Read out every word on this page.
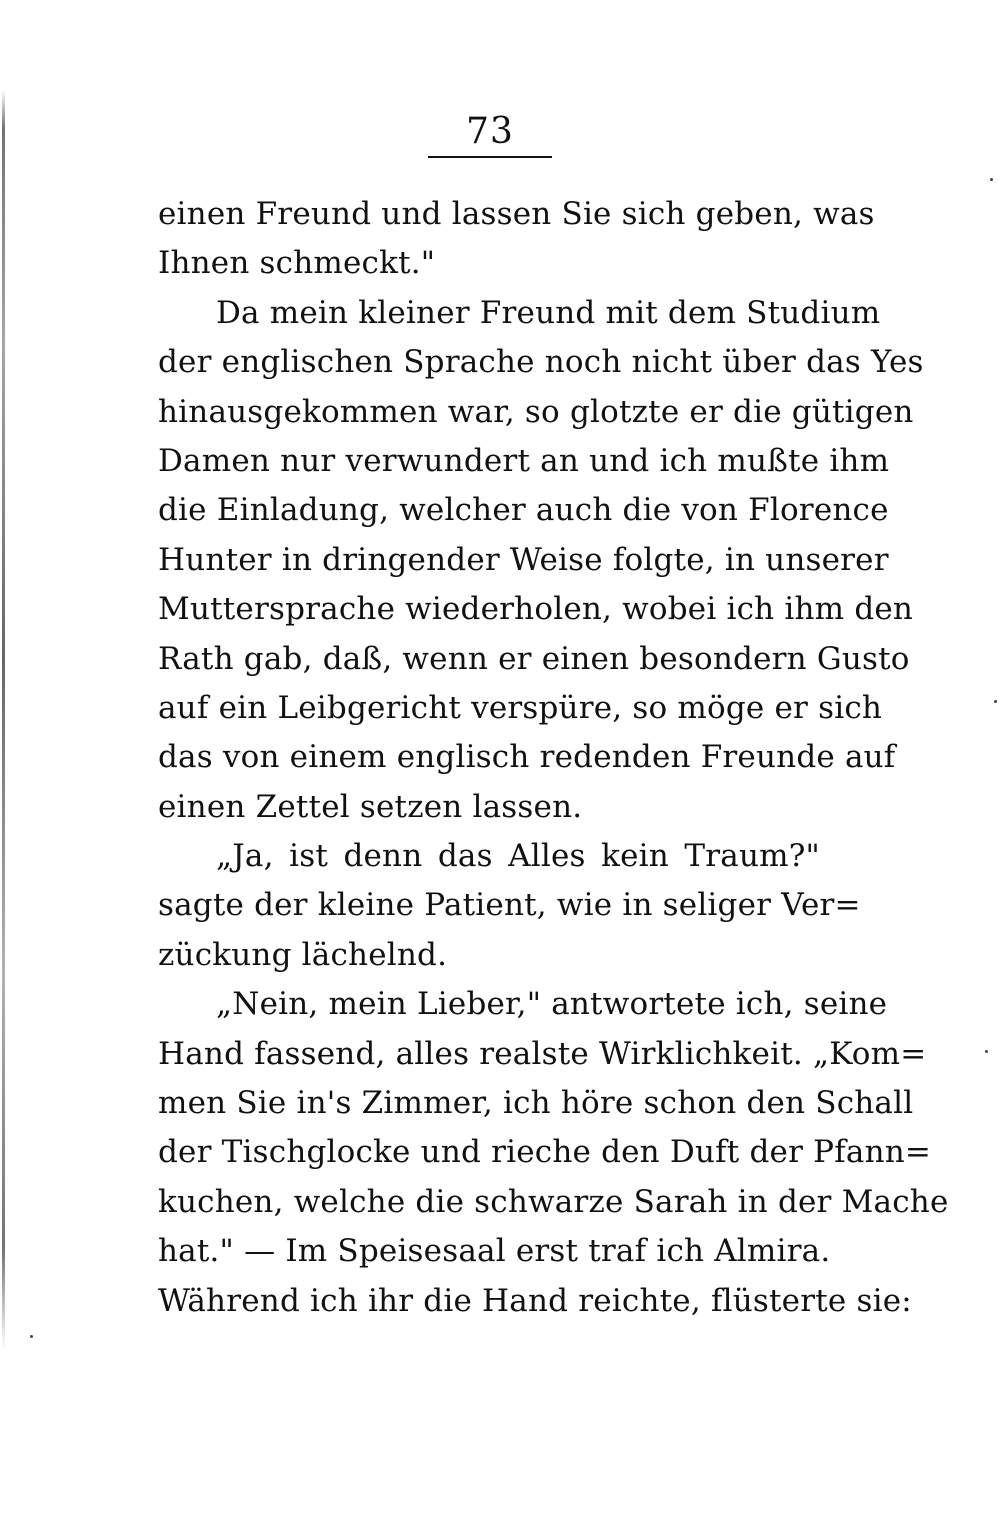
73
einen Freund und lassen Sie sich geben, was
Ihnen schmeckt."
Da mein kleiner Freund mit dem Studium
der englischen Sprache noch nicht über das Yes
hinausgekommen war, so glotzte er die gütigen
Damen nur verwundert an und ich mußte ihm
die Einladung, welcher auch die von Florence
Hunter in dringender Weise folgte, in unserer
Muttersprache wiederholen, wobei ich ihm den
Rath gab, daß, wenn er einen besondern Gusto
auf ein Leibgericht verspüre, so möge er sich
das von einem englisch redenden Freunde auf
einen Zettel setzen lassen.
„Ja, ist denn das Alles kein Traum?"
sagte der kleine Patient, wie in seliger Ver=
zückung lächelnd.
„Nein, mein Lieber," antwortete ich, seine
Hand fassend, alles realste Wirklichkeit. „Kom=
men Sie in's Zimmer, ich höre schon den Schall
der Tischglocke und rieche den Duft der Pfann=
kuchen, welche die schwarze Sarah in der Mache
hat." — Im Speisesaal erst traf ich Almira.
Während ich ihr die Hand reichte, flüsterte sie:
